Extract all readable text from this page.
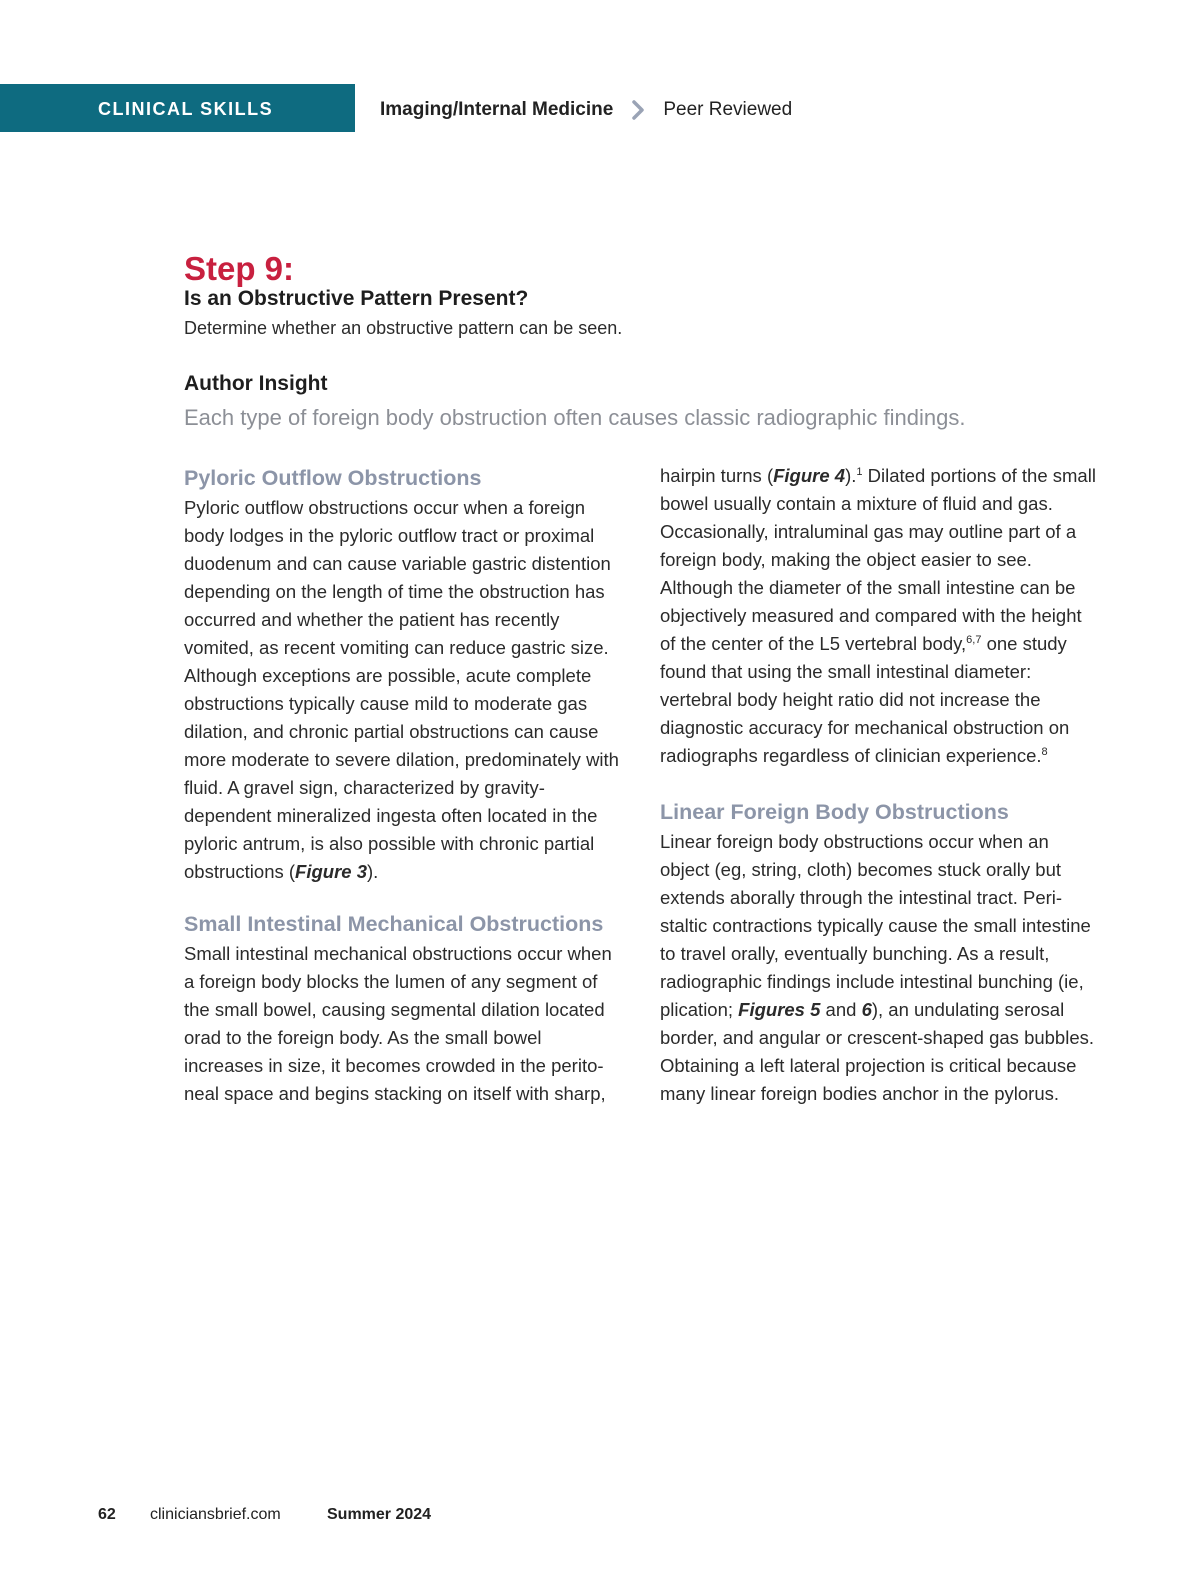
CLINICAL SKILLS	Imaging/Internal Medicine	Peer Reviewed
Step 9:
Is an Obstructive Pattern Present?

Determine whether an obstructive pattern can be seen.

Author Insight

Each type of foreign body obstruction often causes classic radiographic findings.

Pyloric Outflow Obstructions

Pyloric outflow obstructions occur when a foreign body lodges in the pyloric outflow tract or proximal duodenum and can cause variable gastric distention depending on the length of time the obstruction has occurred and whether the patient has recently vomited, as recent vomiting can reduce gastric size. Although exceptions are possible, acute complete obstructions typically cause mild to moderate gas dilation, and chronic partial obstructions can cause more moderate to severe dilation, predominately with fluid. A gravel sign, characterized by gravity-dependent mineralized ingesta often located in the pyloric antrum, is also possible with chronic partial obstructions (Figure 3).

Small Intestinal Mechanical Obstructions

Small intestinal mechanical obstructions occur when a foreign body blocks the lumen of any segment of the small bowel, causing segmental dilation located orad to the foreign body. As the small bowel increases in size, it becomes crowded in the peritoneal space and begins stacking on itself with sharp,

hairpin turns (Figure 4).$^1$ Dilated portions of the small bowel usually contain a mixture of fluid and gas. Occasionally, intraluminal gas may outline part of a foreign body, making the object easier to see. Although the diameter of the small intestine can be objectively measured and compared with the height of the center of the L5 vertebral body,$^{6,7}$ one study found that using the small intestinal diameter: vertebral body height ratio did not increase the diagnostic accuracy for mechanical obstruction on radiographs regardless of clinician experience.$^8$

Linear Foreign Body Obstructions

Linear foreign body obstructions occur when an object (eg, string, cloth) becomes stuck orally but extends aborally through the intestinal tract. Peristaltic contractions typically cause the small intestine to travel orally, eventually bunching. As a result, radiographic findings include intestinal bunching (ie, plication; Figures 5 and 6), an undulating serosal border, and angular or crescent-shaped gas bubbles. Obtaining a left lateral projection is critical because many linear foreign bodies anchor in the pylorus.

62 cliniciansbrief.com	Summer 2024
